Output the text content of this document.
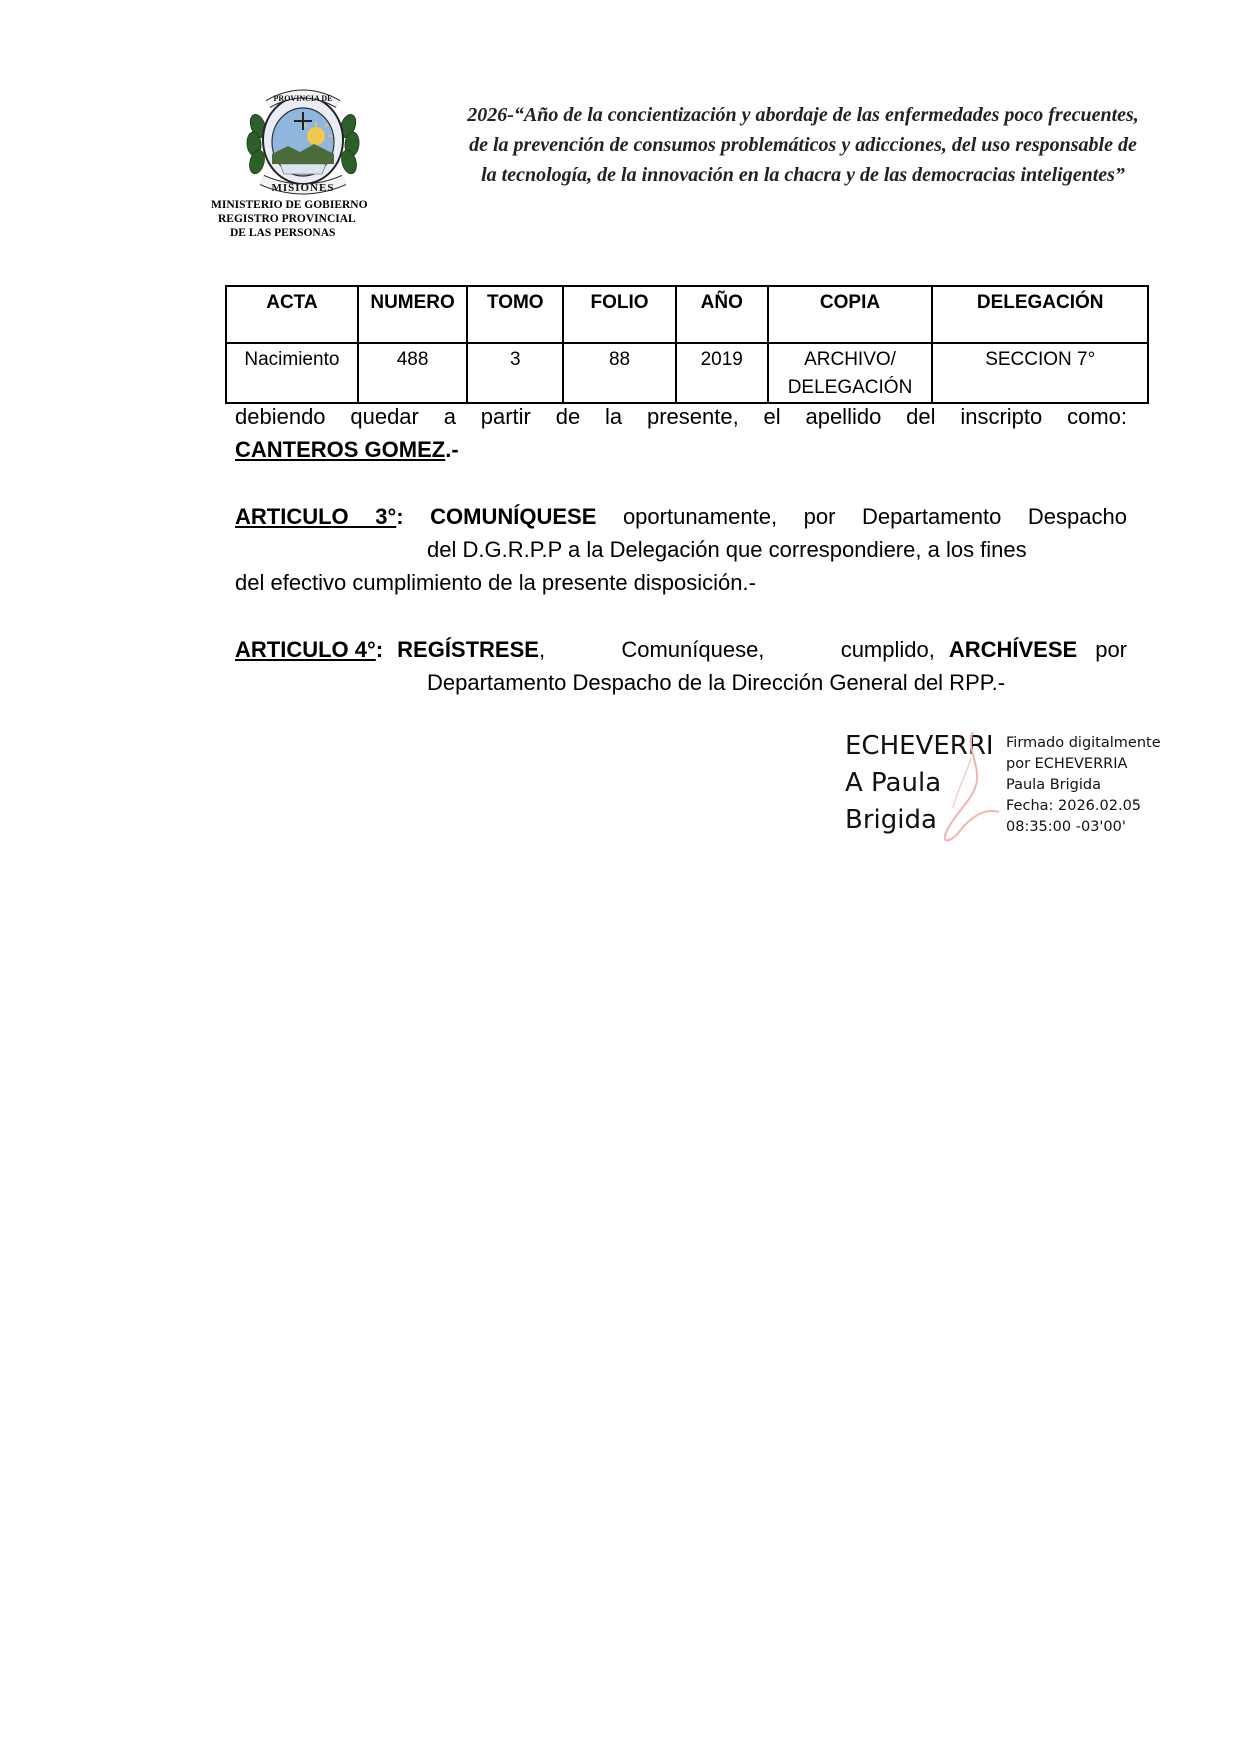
PROVINCIA DE
MISIONES
MINISTERIO DE GOBIERNO
REGISTRO PROVINCIAL
DE LAS PERSONAS
2026-“Año de la concientización y abordaje de las enfermedades poco frecuentes,
de la prevención de consumos problemáticos y adicciones, del uso responsable de
la tecnología, de la innovación en la chacra y de las democracias inteligentes”
ACTA	NUMERO	TOMO	FOLIO	AÑO	COPIA	DELEGACIÓN
Nacimiento	488	3	88	2019	ARCHIVO/ DELEGACIÓN	SECCION 7°
debiendo quedar a partir de la presente, el apellido del inscripto como:
CANTEROS GOMEZ.-
ARTICULO 3°: COMUNÍQUESE oportunamente, por Departamento Despacho
del D.G.R.P.P a la Delegación que correspondiere, a los fines
del efectivo cumplimiento de la presente disposición.-
ARTICULO 4°: REGÍSTRESE , Comuníquese, cumplido, ARCHÍVESE por
Departamento Despacho de la Dirección General del RPP.-
ECHEVERRI
A Paula
Brigida
Firmado digitalmente
por ECHEVERRIA
Paula Brigida
Fecha: 2026.02.05
08:35:00 -03'00'
